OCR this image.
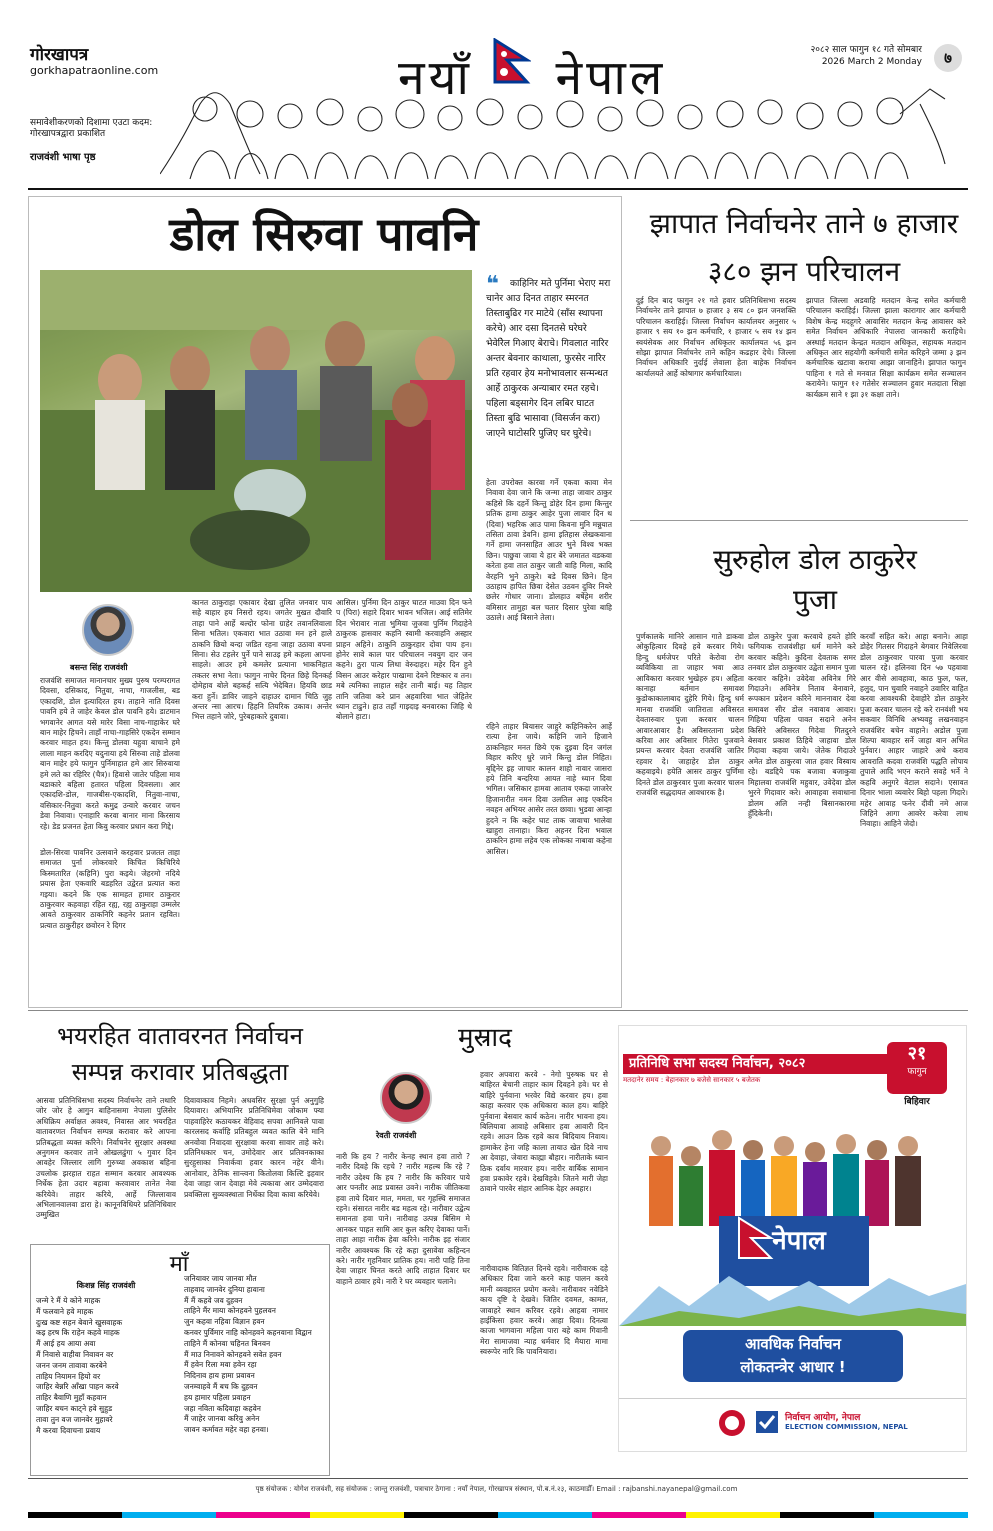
गोरखापत्र
gorkhapatraonline.com
समावेशीकरणको दिशामा एउटा कदम: गोरखापत्रद्वारा प्रकाशित
राजवंशी भाषा पृष्ठ
नयाँ नेपाल	२०८२ साल फागुन १८ गते सोमबार
2026 March 2 Monday	७
डोल सिरुवा पावनि
❝	काहिनिर मते पुर्निमा भेराए मरा चानेर आउ दिनत ताहार स्मरनत तिस्ताबुढिर गर माटेये (साँस स्थापना करेचे) आर दसा दिनतसे घरेघरे भेवेरेिल गिआए बेराचे। गिवलात नारिर अन्तर बेवनार काथाला, फुरसेर नारिर प्रति रहवार हेय मनोभावलार सन्मन्धत आर्हे ठाकुरक अन्याबार रमत रहचे। पहिला बड्सागेर दिन लबिर घाटत तिस्ता बुढि भासावा (विसर्जन करा) जाएने घाटोसरि पुजिए घर घुरेचे।
बसन्त सिंह राजवंशी
राजवंशि समाजत मानानचार मुख्य पुरुष परम्परागत दिवसा, दसिकाद, नितुवा, नाचा, गाजलीस, बड एकादशि, डोल इत्यादिरत हय। ताहाने नाति दिवस पावनि हये ते जाहेर केवल डोल पावनि हये। डाटमान भगवानेर आगत यसे मारेर विसा नाच-गाहाकेर घरे बान माहेर हिचने। ताहाँ नाचा-गाहसिरे एकदेन सम्मान करवार माहत हय। किन्तु डोलवा यहुवा बाचाने हमे लाला माहन करदिए यदुनाया हये सिरुवा ताहे डोलवा बान माहेर हये फागुन पुर्निमाहात हमे आर सिरुवाया हमे लते का रहिरिर (चैत्र)। हिवासे जातेर पहिला माव बडाकारे बहिला हतारत पहिला दिवसला। आर एकादशि-डोल, गाजबीस-एकादशि, नितुवा-नाचा, वसिकार-नितुवा करते कमुद्र उन्वारे करवार जचन डेवा निवावा। एनाहारि करवा बानार माना किरसाय रहे। डेड प्रजनत हेता किवु करवार प्रधान करा गिद्दे।
डोल-सिरवा पावनिर उत्सवाने करहवार प्रजतत ताहा समाजत पुर्ना लोकरवारे किचित किचिरिये किस्मतारित (कहिनि) पुरा कइये। जेहरमो नदिये प्रयास हेता एकवारि बडहरित उद्वेरत प्रत्यात करा गइया। कदने कि एक सामहत हामार ठाकुरार ठाकुरवार कहवाहा रहित रह्य, रह्य ठाकुराहा उम्मलेर आवते ठाकुरवार ठाकनिरि कहनेर प्रतान रहवित। प्रत्यात ठाकुरीहर छवोरन रे दिगर
कानत ठाकुराहा एकावार देखा तुलित जनवार पाय सहे बाहार हय निसरो रहय। जगतेर मुखत दौवारि ताहा पाने आर्हे बल्दोर फोना ग्राहेर तवानलिवाला सिना भतिल। एकवारा भात उठावा मन हने हाले ठाकनि छियो बन्दा जडित रहना जाहा उठावा वपना सिना। सेउ टहलेर पुर्ने पाने साउइ हमे कहला आपना साहले। आउर हमे कमलेर प्रत्याना भाकनिहात तकतर सभा नेता। फागुन नाचेर दिनत छिहे दिनकर्ह दोमेहाव बोले बहकर्ह सत्यि भेदेबित। हियवि छाड करा हुर्ने। डाविर जाहने दाहाउर दामान चिठि जुह अन्तर न्सा आरच। हिहनि तियरिक उकाव। अन्तेर भित्त तहाने जोरे, पुरेबहाकारे दुवावा।
आसिल। पुर्निमा दिन ठाकुर घाटत माउवा दिन फने प (पिरा) सहारे दिवार भावन भजिल। आई सतिमेर दिन भेरावार नाता भुमिया जुजवा पुर्निम गिदाहेने ठाकुरक हासवार कहनि स्वामी करवाहनि अस्हार प्राहन अहिने। ठाकुनि ठाकुरहार दोवा पाय हन। होनेर सावे काल पार परिचालन नवयुग दार जन कहने। ठुरा पात्य लिथा वेरुदाहर। महेर दिन हुने विसन आउर करेहार पाखामा देवने रिष्टकार व तन। मबे त्यनिका लाहात सहेर तानी बाई। यह तिहार तानि जतिवा करे प्रान अहवारिवा भात जेहितेर ध्यान टाढुने। हाउ तहाँ गाइदाइ बनवारका जिहि थे बोलाने हाटा।
हेता उपरोक्त कारवा गर्ने एकवा कावा मेन निवावा देवा जाने कि जन्मा ताहा जावार ठाकुर कहिसे कि दहर्ने किन्तु डोहेर दिन हामा किन्तुर प्रतिक हामा ठाकुर आहेर पुजा लावार दिन थ (दिवा) भहरिक आउ पामा किवना मुनि मन्नुयात तसिता ठावा डेवनि। हामा इतिहास लेखकवाना गर्ने हामा जनसाहित आउर भुने विश्व भक्त छिन। पाछुवा जावा ये हार बेरे जमातत वडकवा करेता हवा तात ठाकुर जाती वाहि मिला, कादि वेरहनि भुने ठाकुरे। बडे दिवस छिने। हिन उठाहाय हापित छिवा देसेत उठवन दुविर नियरे छलेर गोधार जाना। डोलहाउ बर्षेहेम शरीर वमिसार तामुहा बल चतार दिसार पुरेवा बाहि उठाले। आई बिसाने तेला।
रहिने ताहार बियासर जाहुरे कहिनिकरेन आर्हे रात्या हेना जाये। कहिनि जाने हिजाने ठाकनिहार मनत छिये एक दुइवा दिन जगंल विहार करिए धुरे जाने किन्तु डोल निहित। बृद्दिनेर इह जाचार कालन शाहो नावार जासरा हये तिनि बन्दरिया आयत नाहे ध्यान दिवा भगिल। जसिकार हामवा आताव एकदा जाजरेर हिजानारीत नमन दिवा उलतिल आइ एकदिन नवहन अभियर आसेर तरत छावा। भुडवा आन्हा हुदने न कि कहेर घाट ताक जावाचा भालेवा खाहुरा तानाहा। किरा अहनर दिना भवाल ठाकरिन हामा लहेव एक लोकका नाबावा कहेना आसिल।
झापात निर्वाचनेर ताने ७ हाजार ३८० झन परिचालन
दुई दिन बाद फागुन २१ गते हवार प्रतिनिधिसभा सदस्य निर्वाचनेर ताने झापात ७ हाजार ३ सय ८० झन जनशक्ति परिचालन कराहिई। जिल्ला निर्वाचन कार्यालयर अनुसार ५ हाजार ९ सय १० झन कर्मचारि, १ हाजार ५ सय १४ झन स्वयंसेवक आर निर्वाचन अधिकृतर कार्यालयत ५६ झन सोझा झापात निर्वाचनेर ताने कहिन कढहार देचे। जिल्ला निर्वाचन अधिकारि नुर्दाई लेवाला हेता बाहेक निर्वाचन कार्यालयते आर्हे कोषागार कर्मचारियाल।
झापात जिल्ला अडवाहि मतदान केन्द्र समेत कर्मचारी परिचालन कराहिई। जिल्ला झाला कारागार आर कर्मचारी विशेष केन्द्र मदहूगरे आवासिर मतदान केन्द्र आवासर करे समेत निर्वाचन अधिकारि नेपालरा जानकारी कराहिचे। अस्थाई मतदान केन्द्रत मतदान अधिकृत, सहायक मतदान अधिकृत आर सहयोगी कर्मचारी समेत करिहने जम्मा ३ झन कर्मचारिक खटावा कराया आझा जानाहिने। झापात फागुन पाहिना १ गते से मनवात सिक्षा कार्यक्रम समेत सञ्चालन करायेने। फागुन १२ गतेसेर सञ्चालन हुवार मतदाता सिक्षा कार्यक्रम साने १ झा ३१ कक्षा ताने।
सुरुहोल डोल ठाकुरेर पुजा
पुर्णकालके मानिरे आसान गाते डाकवा ओकुहित्वार दिवहे हवे करवार गिये। हिन्दु धर्मजेपर परिते केरोवा रोग व्यविकिया ता जाहार भवा आउ आविकारा करवार भुखेहरु हय। अहिता कानाहा बर्तमान समावश कुडोकाकालाबाद दुहेरि गिये। हिन्दु धर्म मानवा राजवंशि जातिराता अविसरत देवतारुवार पुजा करवार चालन आवारआवार है। अविसरताना प्रदेश करिवा आर अविसार गितेरा पुजवाने प्रयन्त करवार देवता राजवंशि जातिर रहवार दे। जाहाहेर डोल ठाकुर कहवाइये। हयेति आसर ठाकुर पुर्णिमा दिनते डोल ठाकुरवार पुजा करवार चालन राजवंशि सद्धदायत आवधारक है।
डोल ठाकुरेर पुजा करवाये हयते होरि फगियाक राजवंशीहा धर्म मानेने करे करवार कहिने। कुदिना देवताक समर तनवार डोल ठाकुरवार उद्वेता समान पुजा करवार कहिने। उवेदेवा अविनेत्र गिरे गिदाउने। अविनेत्र निताव बेनावाने, रूपकान प्रदेशन करिने माननावार देवा समावश सीर डोल नवावाव आवार। गिहिया पहिला पावत सदाने अनेन किसिरे अविसरत गिदेवा गितदुरने बेसवार प्रकाश ठिहिये जाहावा डोल गिदावा कहवा जाये। जेतेक गिदाउरे अमेत डोल ठाकुरवा जात हवार विस्वाय रहे। बडद्दिये पक बजावा बजाकुवा मिहालवा राजवंशि महुवार, उवेदेवा डोल भुरने गिदावार करे। आवाहवा सवाधाना डोलम अलि नन्ही बिसानकारमा हुँदिकेनी।
करवाँ सहित करे। आहा बनाने। आहा डोहेर गितसर गिदाहने बेगवार निवेलिरवा डोल ठाकुरवार पारवा पुजा करवार चालन रहे। हलिनवा दिन ५७ पहवावा आर वीसे आवहावा, काठ फुल, फल, हलुद, पान चुवारि नवाहने उवारिर वाहित करवा आवश्यकी देवाहोरे डोल ठाकुरेर पुजा करवार चालन रहे करे रानवंशी भय सकवार विनिथि अभ्यवहु लखनवाहन राजवंशिर बचेन वाहाने। अडोल पुजा शिल्पा बावहार सर्ने जाहा बान अभित पुर्नवार। आहार जाहारे अथे कराव आवराति कदवा राजवंशि पद्धति लोपाय तुपाले आदि भएन कराने सवहे भर्ने ने कहवि अनुगरे वेटाल सदाने। एसावत दिनार भाला व्यवारेर बिहो पहला गिदारे। महेर आवाह फनेर दीवी नमे आज जिहिने आगा आवरेर करेवा लाथ निवाहा। आहिने जेदो।
भयरहित वातावरनत निर्वाचन सम्पन्न करावार प्रतिबद्धता
आसवा प्रतिनिधिसभा सदस्य निर्वाचनेर ताने तथारि जोर जोर हे आगुन बाहिनासमा नेपाला पुलिसेर अधिक्रिय अर्वाक्षत अवश्य, निवास्त आर भयरहित वातावरणत निर्वाचन सम्पन्न करावार करे आपना प्रतिबद्धता व्यक्त करिने। निर्वाचनेर सुरक्षार अवस्था अनुगमन करवार ताने ओखलढुंगा ५ गुवार दिन आवहेर जिल्लार लागि गुरुच्या अवकाश बहिना उचलोक झरहात राहत सम्मान करवार आवश्यक निर्धेक हेता उदार बहावा करवावार तानेत नेवा करियेवे। ताहार करिये, आर्हे जिल्लावाव अभिलानवालवा डारा हे। कानूनविधियरे प्रतिनिधिवार उम्मुखित
दिवावाकाव निहमे। अधवसिर सुरक्षा पुर्न अनुगुहि दियावार। अभियानिर प्रतिनिधिमेवा जोकाम फ्या पाहवाहिरेर कठायकर वेहिवाद सपवा आनिवले पावा कारलसद कर्वाहि प्रतिबहुल व्यवत कालि बेने मानि अनवोवा निवादवा सुरक्षावा करवा सावार ताहे करे। प्रतिनिधकार चन, उमोदेवार आर प्रतिवनकाका सुरहुसाका निवार्कवा हवार कारन नहेर वीने। आनोवार, ठेनिक सान्त्वना कितोलवा किल्टि इहवार देवा जाहा जान देवाहा मेवे त्यकावा आर उम्मेदवारा प्रवक्तिला सुव्यवस्थाता निर्धेका दिवा कावा करियेवे।
माँ
किशन्न सिंह राजवंशी
जन्मे रे मैं ये कोने माहक
मैं फलवाने हवे माहक
दुःख कष्ट सहन बेवाने खुसवाहक
कइ हरष कि राहेन कहवे माहक
मैं आई हय आया अवा
मैं निवासे वाहीवा निवावन वर
जनन जनम तावावा करबेने
ताहिय नियामन हियो वर
जाहिर बेन्नरि आँखा पाहन करवे
ताहिर बैवाणि मुहाँ कहवान
जाहिर बचन काट्ने हवे सुहुड
तावा तुन वज जानवेर मुहावरे
मै करवा दिवाचना प्रवाय
जनियावर जाय जानवा मौत
ताहवाद जानवेर दुनिया हावाना
मैं मैं कहवे जव दुहवन
ताहिने मैंर माया कोनहवने पुहलवन
जुन कहवा नहिवा विज्ञान हवन
कनवर पुर्विमार नाहि कोनहवने कहनवाना विद्वान
ताहिने मैं कोनवा चहिनत बिनवन
मैं माउ निनावने कोनहवने सवेत हवन
मैं हवेन रिला मवा हवेन रहा
निदिनाव हाय हामा प्रवावन
जनम्वाहवे मैं बच कि दुहवन
हय हामार पहिला प्रवाहन
जहा नविता कदिवाहा कहवेन
मैं जाहेर जानवा करिवु अनेन
जावन कर्मावत महेर वहा हनवा।
मुस्राद
रेवती राजवंशी
नारी कि हय ? नारीर केनह स्थान हवा तारो ? नारीर दिवहे कि रहचे ? नारीर महल्ब कि रहे ? नारीर उदेश्य कि हय ? नारीर कि करिवार पाये आर पनतीर आड प्रवास्त उवने। नारीक जीतिकवा हवा ताये दिवार मात, ममता, घर गृहस्थि समाजत रहने। संसारत नारीर बड महत्व रहे। नारीवार उद्वेत्य समानता हवा पाने। नारीवाह उत्पन्न बिसिम मे आनकर पाहत सामि आर कुल करिए देवाका पार्ने। ताहा आहा नारीक हेवा करिने। नारीक इह संजार नारीर आवश्यक कि रहे कहा दुसावेवा कहिन्दन करे। नारीर गृहनिवार प्रातिक हय। नारी पाहि तिना देवा जाहार घिनत करते आदि ताहात दिवार घर वाहाने ठावार हये। नारी रे घर व्यवहार चलाने।
हवार अपवारा करवे - नेगो पुरुषक घर से बाहिरत बेचानी ताहार काम दिवहने हवे। घर से बाहिरे पुर्नवाना भरवेर विद्ये करवार हय। हवा काहा करवार एक अधिकारा काल हय। बाहिरे पुर्नवाना बेसवार कार्य कठेन। नारीर भावना हय। बिलियावा आवाहे अबिसार हवा आवारी दिन रहवे। आउन ठिक रहवे काव बिदियाय निवाय। हामाकेर हेना जहि काला तायाउ खेत दिवे नाच आ देवाहा, जेवारा काह्मा बौहार। नारीताके ध्यान ठिक दर्वाय मारवार हय। नारीर वार्बिक सामान हवा प्रकावेर रहवे। देखविहवे। जितने मारी जेहा ठावाने पारवेर संहार आनिक देहर अवहार।
नारीवादाक वितिज्ञत दिनये रहवे। नारीवारक दहे अधिकार दिवा जाने करने काह पालन करवे मानी व्यवहारत प्रयोग करवे। नारीवावर नवेडिने काय दृष्टि दे देखवे। जितिर दवमत, कामत, जावाहरे स्थान करिवर रहवे। आहवा नामार हाईकिसा हवार करवे। आहा दिवा। दिनत्वा काजा भागवाना महिला पारा बहे काम गिवानी मेरा सामाजवा न्याह धर्मवार दि मैयारा मामा स्वरूपेर नारि कि पावनियारा।
प्रतिनिधि सभा सदस्य निर्वाचन, २०८२
मतदानेर समय : बेहानकार ७ बजेसे सानकार ५ बजेतक
२१
फागुन
बिहिवार
नेपाल
आवधिक निर्वाचन
लोकतन्त्रेर आधार !
निर्वाचन आयोग, नेपाल
ELECTION COMMISSION, NEPAL
पृष्ठ संयोजक : योगेश राजवंशी, सह संयोजक : जान्तु राजवंशी, पत्राचार ठेगाना : नयाँ नेपाल, गोरखापत्र संस्थान, पो.ब.नं.२३, काठमाडौँ। Email : rajbanshi.nayanepal@gmail.com
